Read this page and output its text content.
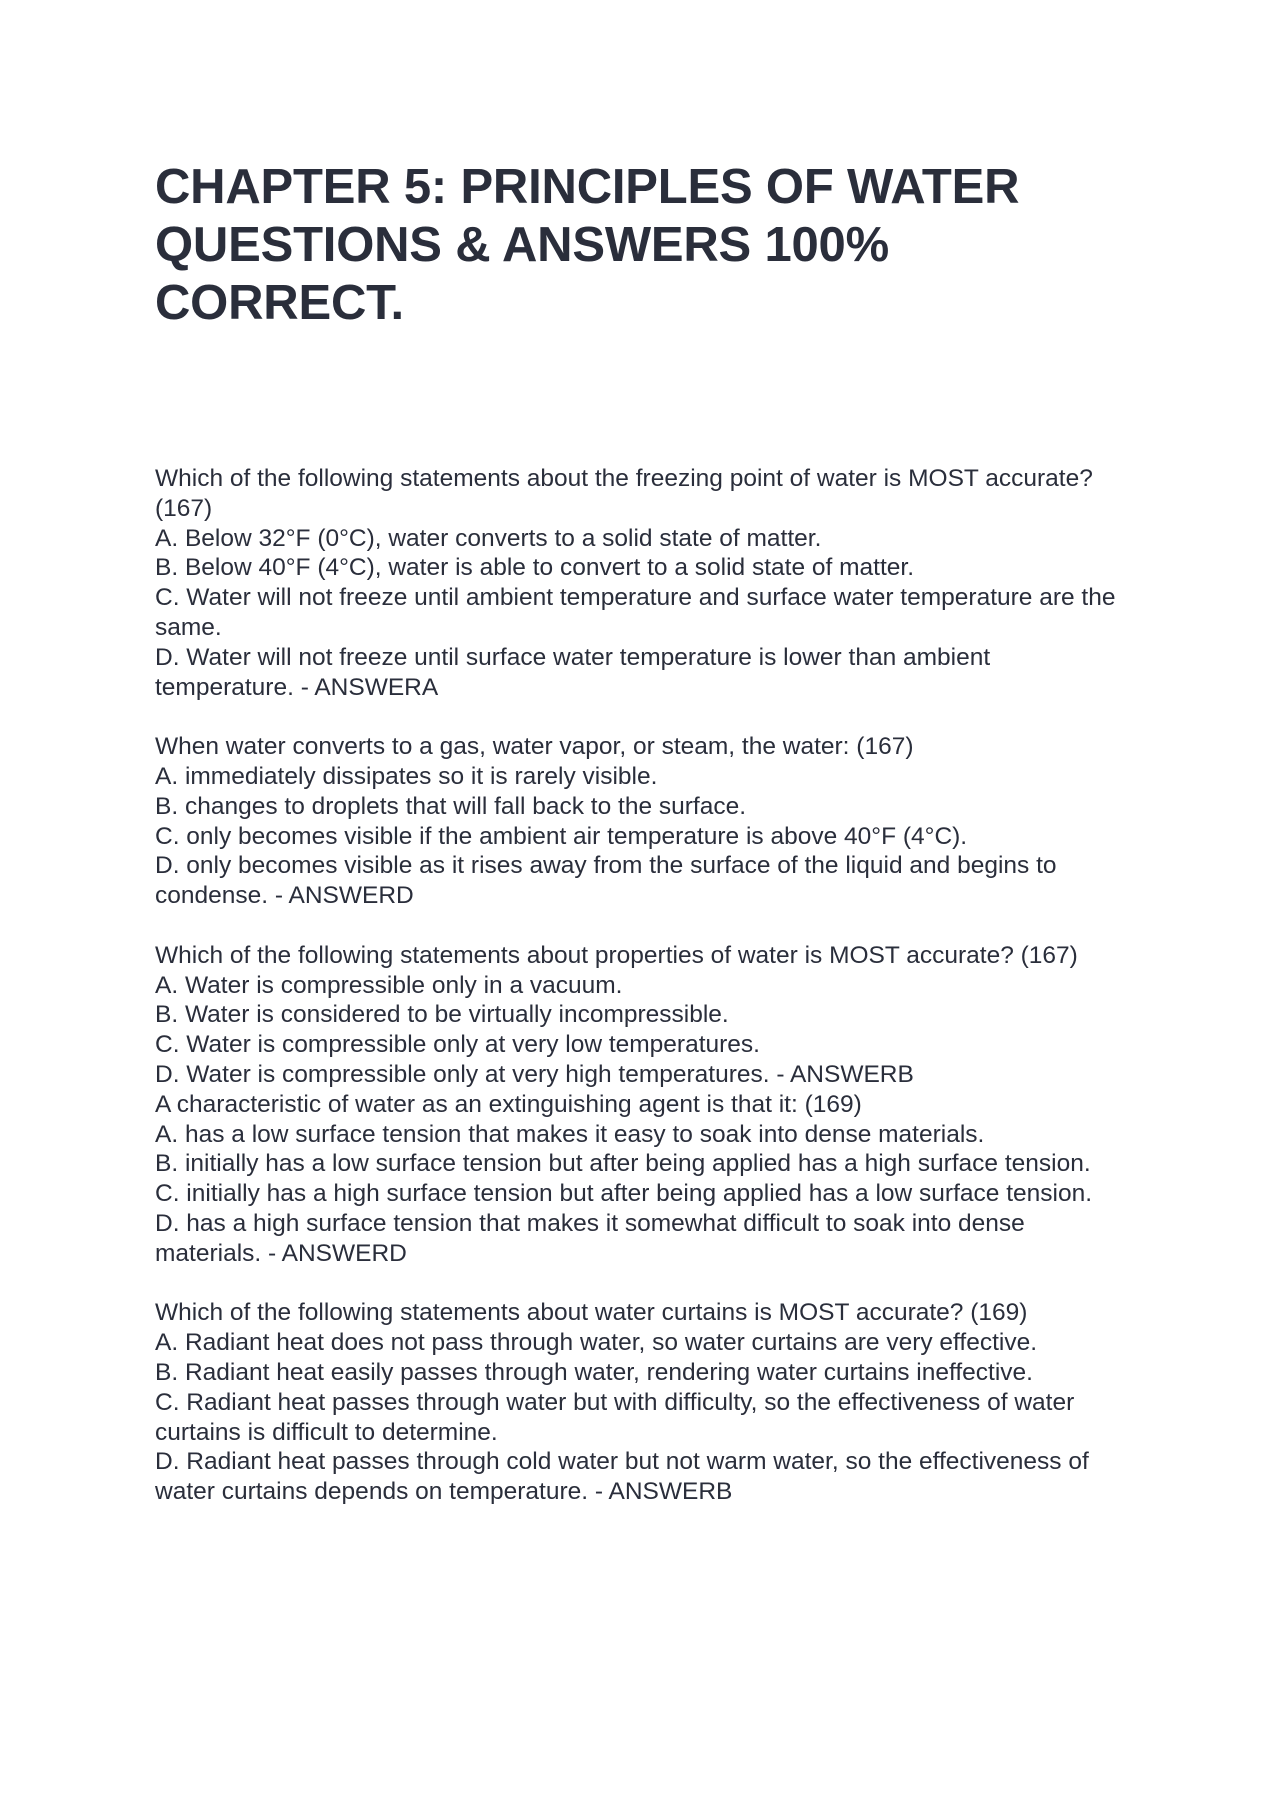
CHAPTER 5: PRINCIPLES OF WATER QUESTIONS & ANSWERS 100% CORRECT.
Which of the following statements about the freezing point of water is MOST accurate? (167)
A. Below 32°F (0°C), water converts to a solid state of matter.
B. Below 40°F (4°C), water is able to convert to a solid state of matter.
C. Water will not freeze until ambient temperature and surface water temperature are the same.
D. Water will not freeze until surface water temperature is lower than ambient temperature. - ANSWERA
When water converts to a gas, water vapor, or steam, the water: (167)
A. immediately dissipates so it is rarely visible.
B. changes to droplets that will fall back to the surface.
C. only becomes visible if the ambient air temperature is above 40°F (4°C).
D. only becomes visible as it rises away from the surface of the liquid and begins to condense. - ANSWERD
Which of the following statements about properties of water is MOST accurate? (167)
A. Water is compressible only in a vacuum.
B. Water is considered to be virtually incompressible.
C. Water is compressible only at very low temperatures.
D. Water is compressible only at very high temperatures. - ANSWERB
A characteristic of water as an extinguishing agent is that it: (169)
A. has a low surface tension that makes it easy to soak into dense materials.
B. initially has a low surface tension but after being applied has a high surface tension.
C. initially has a high surface tension but after being applied has a low surface tension.
D. has a high surface tension that makes it somewhat difficult to soak into dense materials. - ANSWERD
Which of the following statements about water curtains is MOST accurate? (169)
A. Radiant heat does not pass through water, so water curtains are very effective.
B. Radiant heat easily passes through water, rendering water curtains ineffective.
C. Radiant heat passes through water but with difficulty, so the effectiveness of water curtains is difficult to determine.
D. Radiant heat passes through cold water but not warm water, so the effectiveness of water curtains depends on temperature. - ANSWERB
